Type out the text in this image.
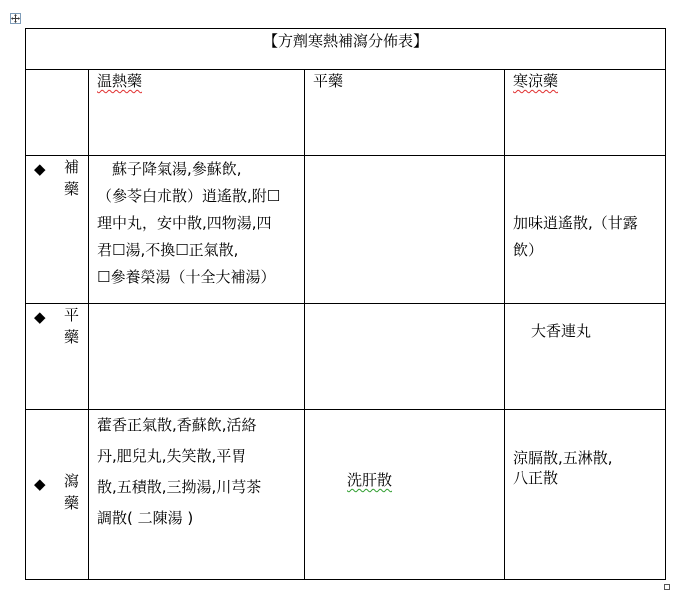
【方劑寒熱補瀉分佈表】			
	温熱藥	平藥	寒涼藥

◆ 補藥	　蘇子降氣湯,參蘇飲,
（參苓白朮散）逍遙散,附☐
理中丸，安中散,四物湯,四
君☐湯,不換☐正氣散,
☐參養榮湯（十全大補湯）		加味逍遙散,（甘露
飲）

◆ 平藥			大香連丸

◆ 瀉藥	藿香正氣散,香蘇飲,活絡
丹,肥兒丸,失笑散,平胃
散,五積散,三拗湯,川芎茶
調散( 二陳湯 )	洗肝散	涼膈散,五淋散,
八正散
